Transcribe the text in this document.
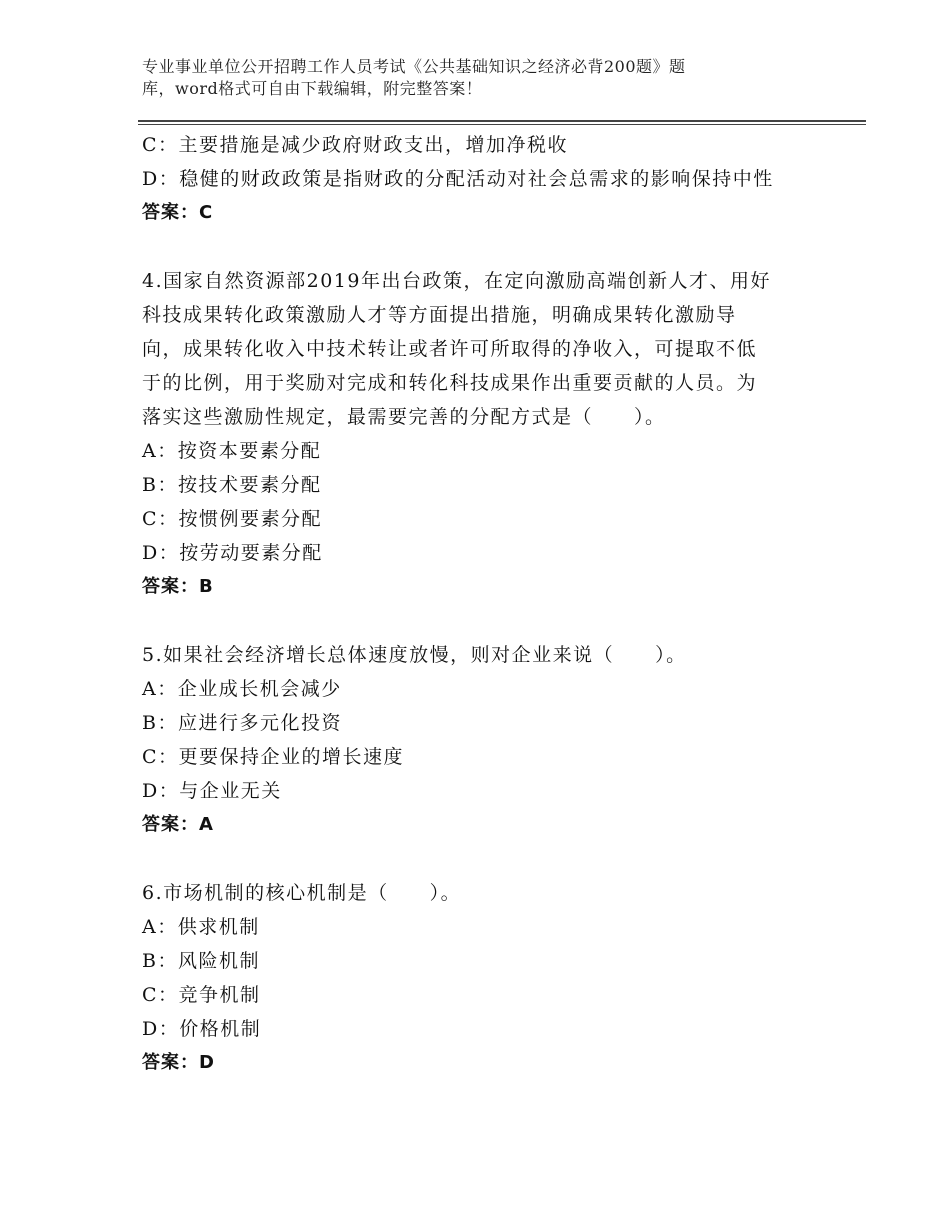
专业事业单位公开招聘工作人员考试《公共基础知识之经济必背200题》题
库，word格式可自由下载编辑，附完整答案！
C：主要措施是减少政府财政支出，增加净税收
D：稳健的财政政策是指财政的分配活动对社会总需求的影响保持中性
答案：C
4.国家自然资源部2019年出台政策，在定向激励高端创新人才、用好
科技成果转化政策激励人才等方面提出措施，明确成果转化激励导
向，成果转化收入中技术转让或者许可所取得的净收入，可提取不低
于的比例，用于奖励对完成和转化科技成果作出重要贡献的人员。为
落实这些激励性规定，最需要完善的分配方式是（　　）。
A：按资本要素分配
B：按技术要素分配
C：按惯例要素分配
D：按劳动要素分配
答案：B
5.如果社会经济增长总体速度放慢，则对企业来说（　　）。
A：企业成长机会减少
B：应进行多元化投资
C：更要保持企业的增长速度
D：与企业无关
答案：A
6.市场机制的核心机制是（　　）。
A：供求机制
B：风险机制
C：竞争机制
D：价格机制
答案：D
